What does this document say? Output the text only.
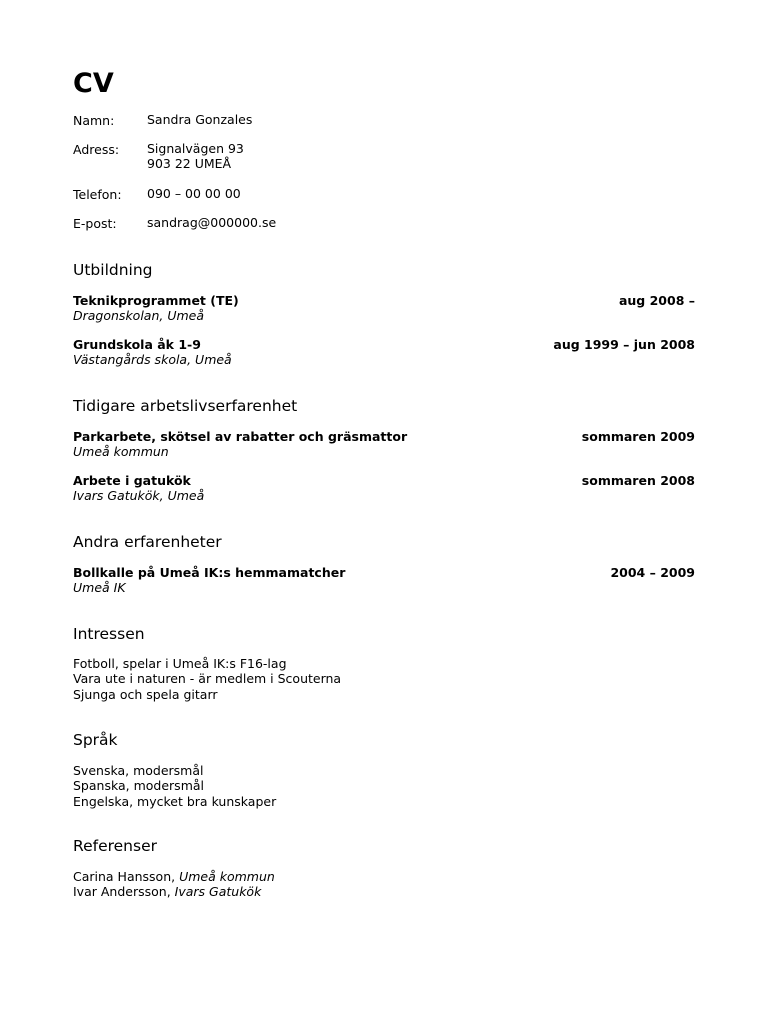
CV
Namn:	Sandra Gonzales
Adress: Signalvägen 93
903 22 UMEÅ
Telefon: 090 – 00 00 00
E-post: sandrag@000000.se
Utbildning
Teknikprogrammet (TE)	aug 2008 –
Dragonskolan, Umeå
Grundskola åk 1-9	aug 1999 – jun 2008
Västangårds skola, Umeå
Tidigare arbetslivserfarenhet
Parkarbete, skötsel av rabatter och gräsmattor	sommaren 2009
Umeå kommun
Arbete i gatukök	sommaren 2008
Ivars Gatukök, Umeå
Andra erfarenheter
Bollkalle på Umeå IK:s hemmamatcher	2004 – 2009
Umeå IK
Intressen
Fotboll, spelar i Umeå IK:s F16-lag
Vara ute i naturen - är medlem i Scouterna
Sjunga och spela gitarr
Språk
Svenska, modersmål
Spanska, modersmål
Engelska, mycket bra kunskaper
Referenser
Carina Hansson, Umeå kommun
Ivar Andersson, Ivars Gatukök
